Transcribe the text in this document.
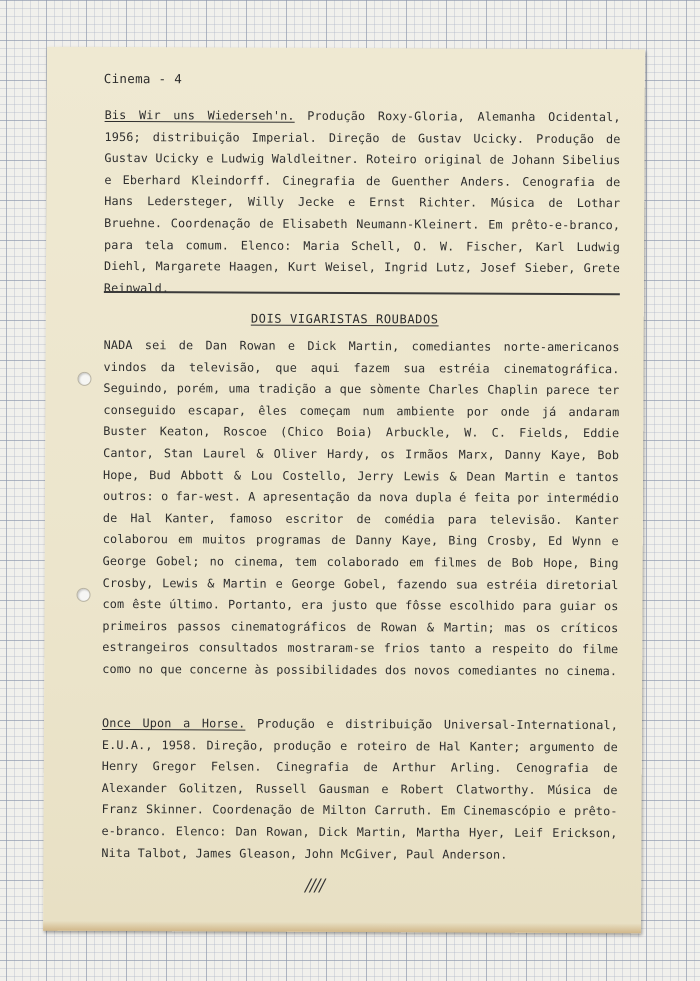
Cinema - 4
Bis Wir uns Wiederseh'n. Produção Roxy-Gloria, Alemanha Ocidental, 1956; distribuição Imperial. Direção de Gustav Ucicky. Produção de Gustav Ucicky e Ludwig Waldleitner. Roteiro original de Johann Sibelius e Eberhard Kleindorff. Cinegrafia de Guenther Anders. Cenografia de Hans Ledersteger, Willy Jecke e Ernst Richter. Música de Lothar Bruehne. Coordenação de Elisabeth Neumann-Kleinert. Em prêto-e-branco, para tela comum. Elenco: Maria Schell, O. W. Fischer, Karl Ludwig Diehl, Margarete Haagen, Kurt Weisel, Ingrid Lutz, Josef Sieber, Grete Reinwald.
DOIS VIGARISTAS ROUBADOS
NADA sei de Dan Rowan e Dick Martin, comediantes norte-americanos vindos da televisão, que aqui fazem sua estréia cinematográfica. Seguindo, porém, uma tradição a que sòmente Charles Chaplin parece ter conseguido escapar, êles começam num ambiente por onde já andaram Buster Keaton, Roscoe (Chico Boia) Arbuckle, W. C. Fields, Eddie Cantor, Stan Laurel & Oliver Hardy, os Irmãos Marx, Danny Kaye, Bob Hope, Bud Abbott & Lou Costello, Jerry Lewis & Dean Martin e tantos outros: o far-west. A apresentação da nova dupla é feita por intermédio de Hal Kanter, famoso escritor de comédia para televisão. Kanter colaborou em muitos programas de Danny Kaye, Bing Crosby, Ed Wynn e George Gobel; no cinema, tem colaborado em filmes de Bob Hope, Bing Crosby, Lewis & Martin e George Gobel, fazendo sua estréia diretorial com êste último. Portanto, era justo que fôsse escolhido para guiar os primeiros passos cinematográficos de Rowan & Martin; mas os críticos estrangeiros consultados mostraram-se frios tanto a respeito do filme como no que concerne às possibilidades dos novos comediantes no cinema.
Once Upon a Horse. Produção e distribuição Universal-International, E.U.A., 1958. Direção, produção e roteiro de Hal Kanter; argumento de Henry Gregor Felsen. Cinegrafia de Arthur Arling. Cenografia de Alexander Golitzen, Russell Gausman e Robert Clatworthy. Música de Franz Skinner. Coordenação de Milton Carruth. Em Cinemascópio e prêto-e-branco. Elenco: Dan Rowan, Dick Martin, Martha Hyer, Leif Erickson, Nita Talbot, James Gleason, John McGiver, Paul Anderson.
////
